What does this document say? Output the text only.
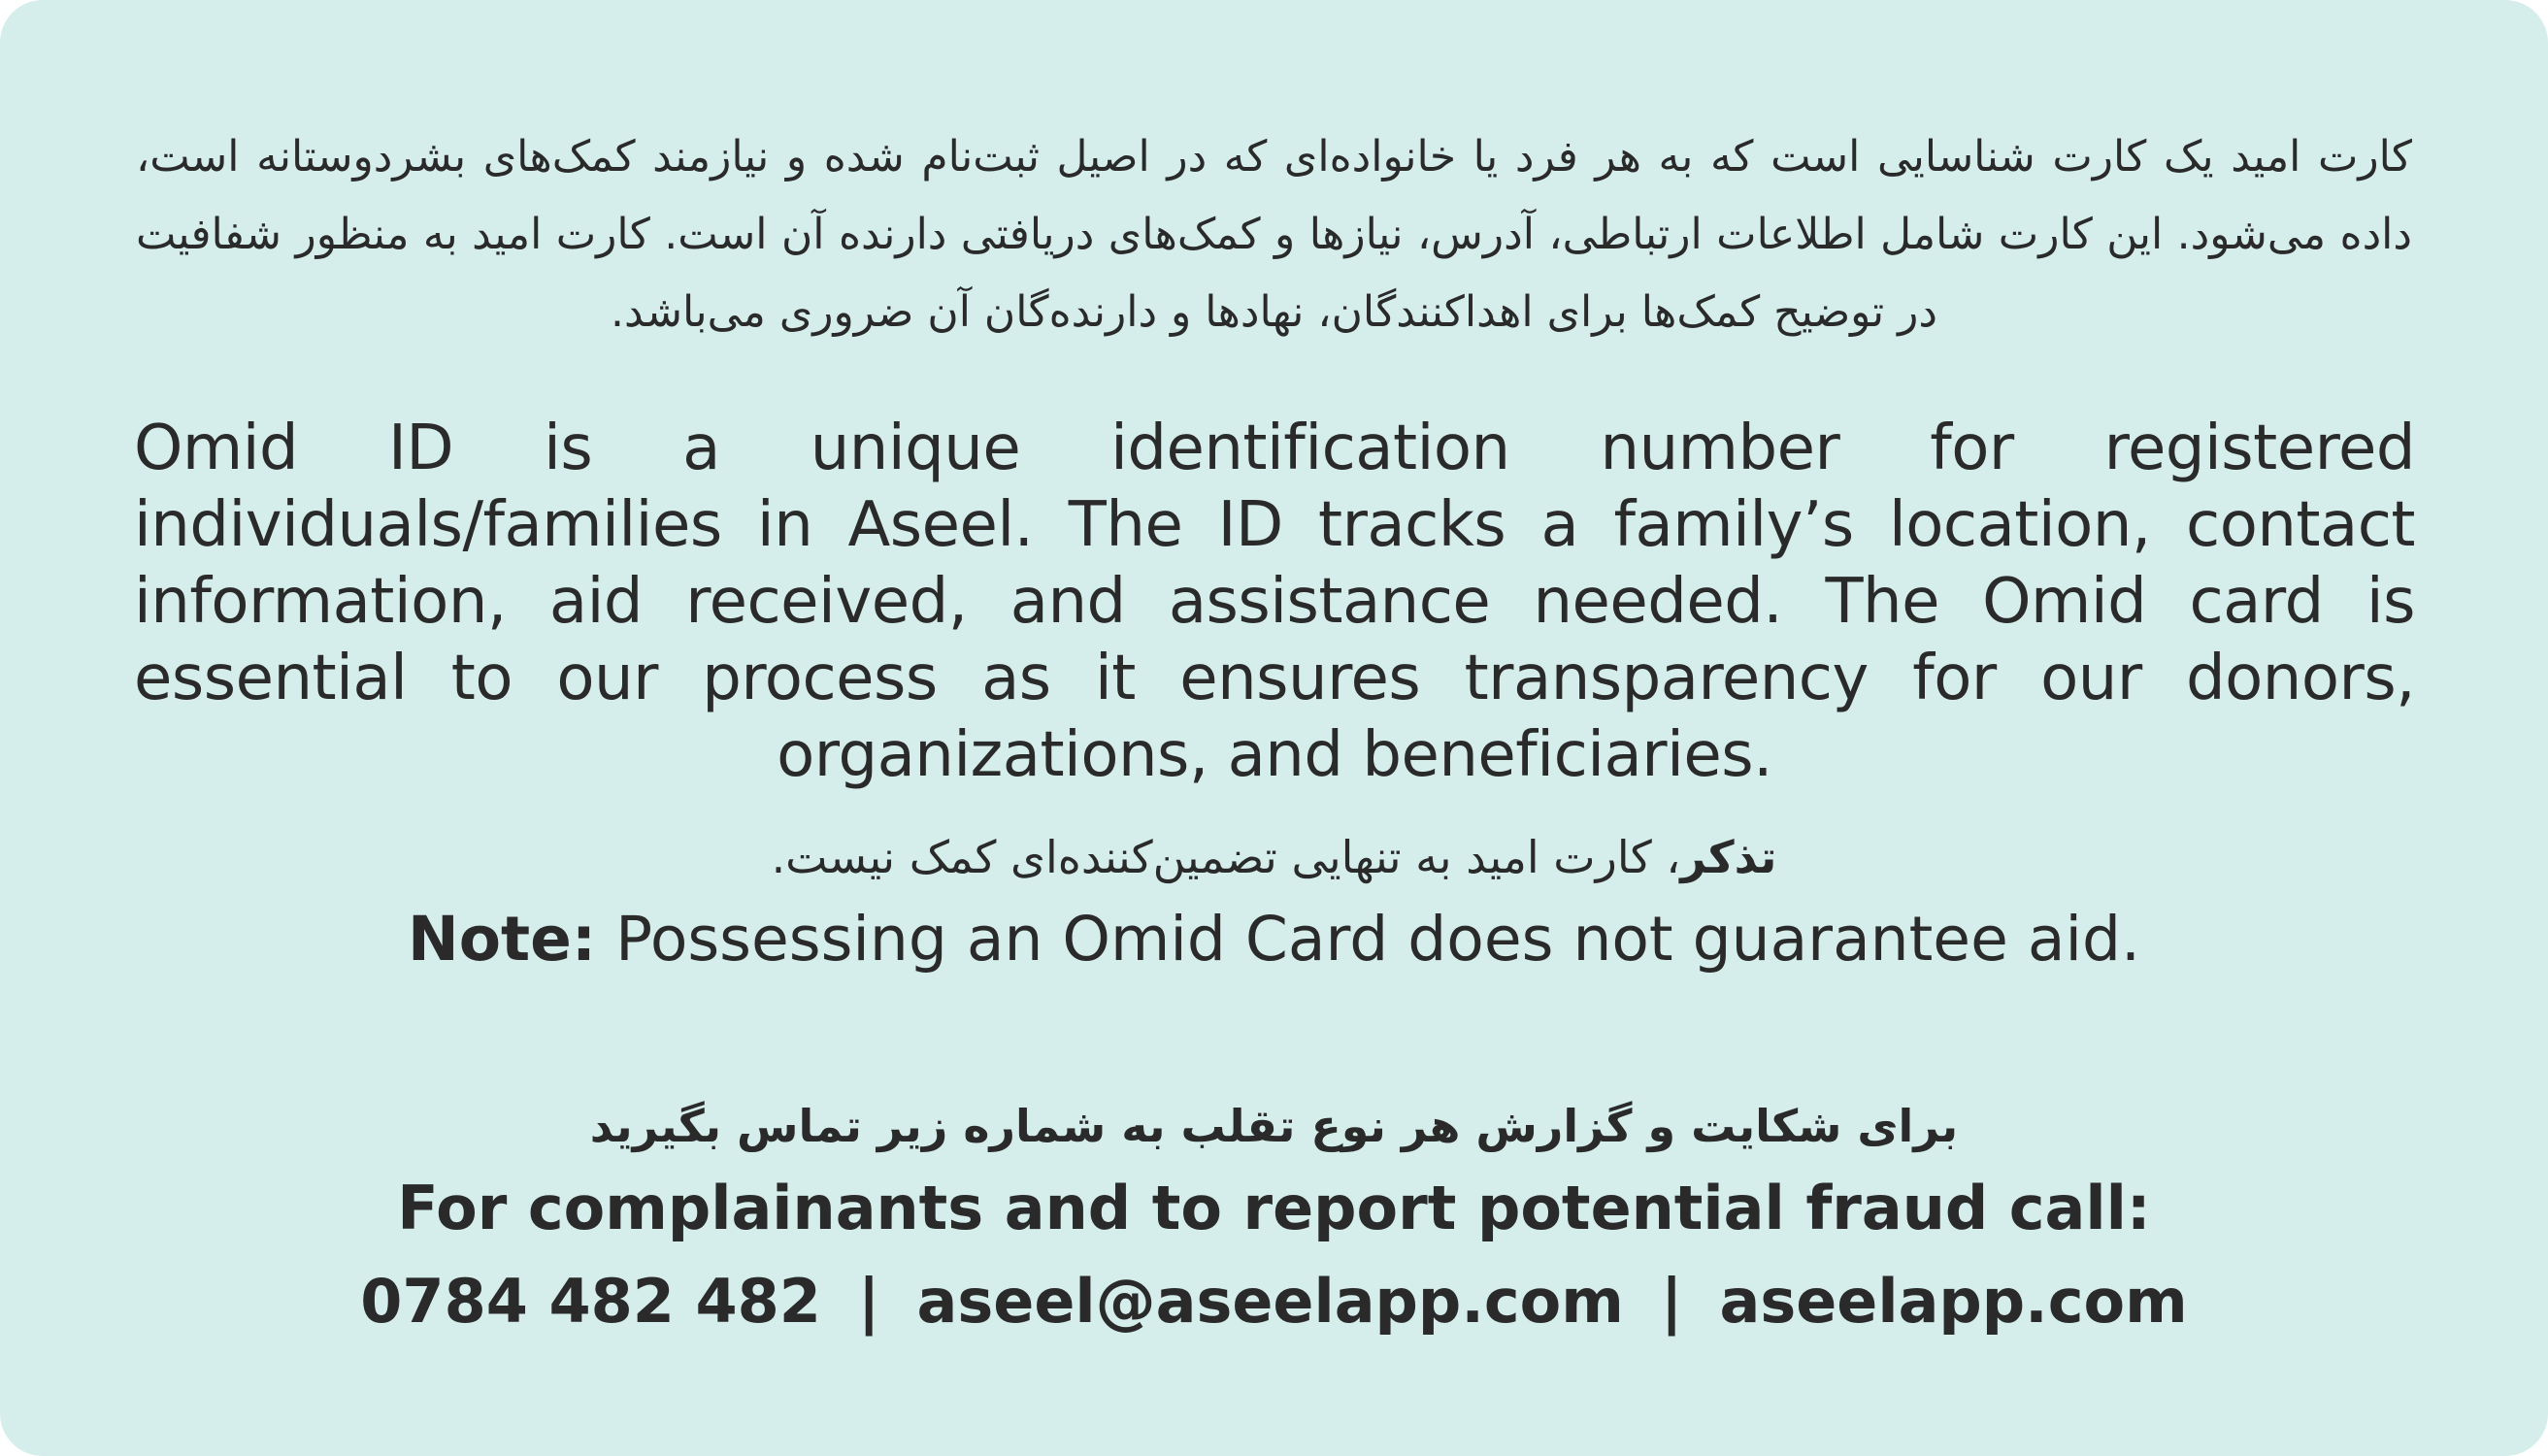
کارت امید یک کارت شناسایی است که به هر فرد یا خانواده‌ای که در اصیل ثبت‌نام شده و نیازمند کمک‌های بشردوستانه است، داده می‌شود. این کارت شامل اطلاعات ارتباطی، آدرس، نیازها و کمک‌های دریافتی دارنده آن است. کارت امید به منظور شفافیت در توضیح کمک‌ها برای اهداکنندگان، نهادها و دارنده‌گان آن ضروری می‌باشد.
Omid ID is a unique identification number for registered individuals/families in Aseel. The ID tracks a family’s location, contact information, aid received, and assistance needed. The Omid card is essential to our process as it ensures transparency for our donors, organizations, and beneficiaries.
تذکر، کارت امید به تنهایی تضمین‌کننده‌ای کمک نیست.
Note: Possessing an Omid Card does not guarantee aid.
برای شکایت و گزارش هر نوع تقلب به شماره زیر تماس بگیرید
For complainants and to report potential fraud call:
0784 482 482 | aseel@aseelapp.com | aseelapp.com
